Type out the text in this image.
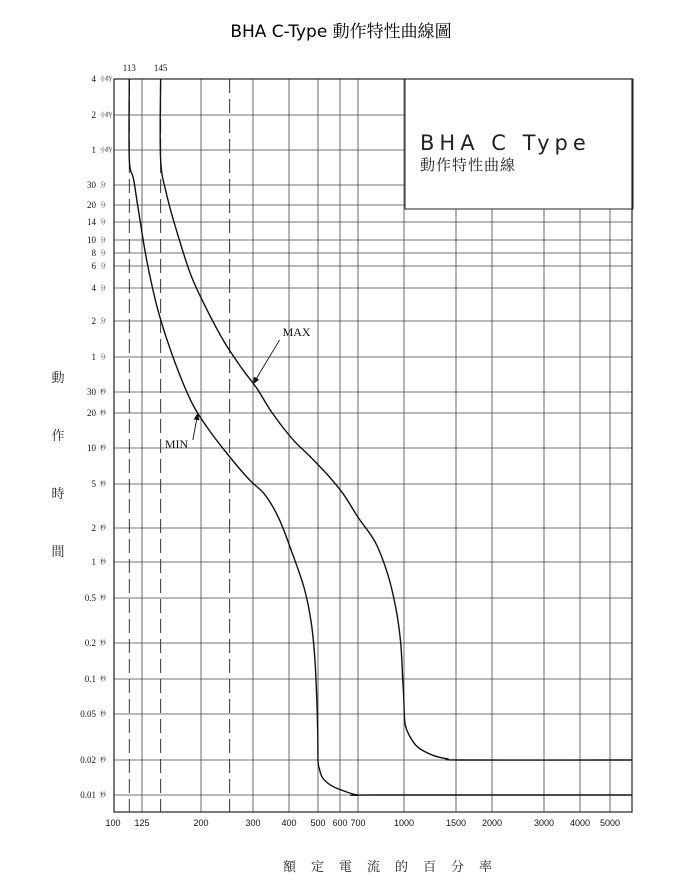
BHA C-Type 動作特性曲線圖
BHA C Type
動作特性曲線
MAX
MIN
4 小時
2 小時
1 小時
30 分
20 分
14 分
10 分
8 分
6 分
4 分
2 分
1 分
30 秒
20 秒
10 秒
5 秒
2 秒
1 秒
0.5 秒
0.2 秒
0.1 秒
0.05 秒
0.02 秒
0.01 秒
100 125	200	300 400 500 600 700	1000	1500 2000	3000 4000 5000
113 145
動
作
時
間
額定電流的百分率
